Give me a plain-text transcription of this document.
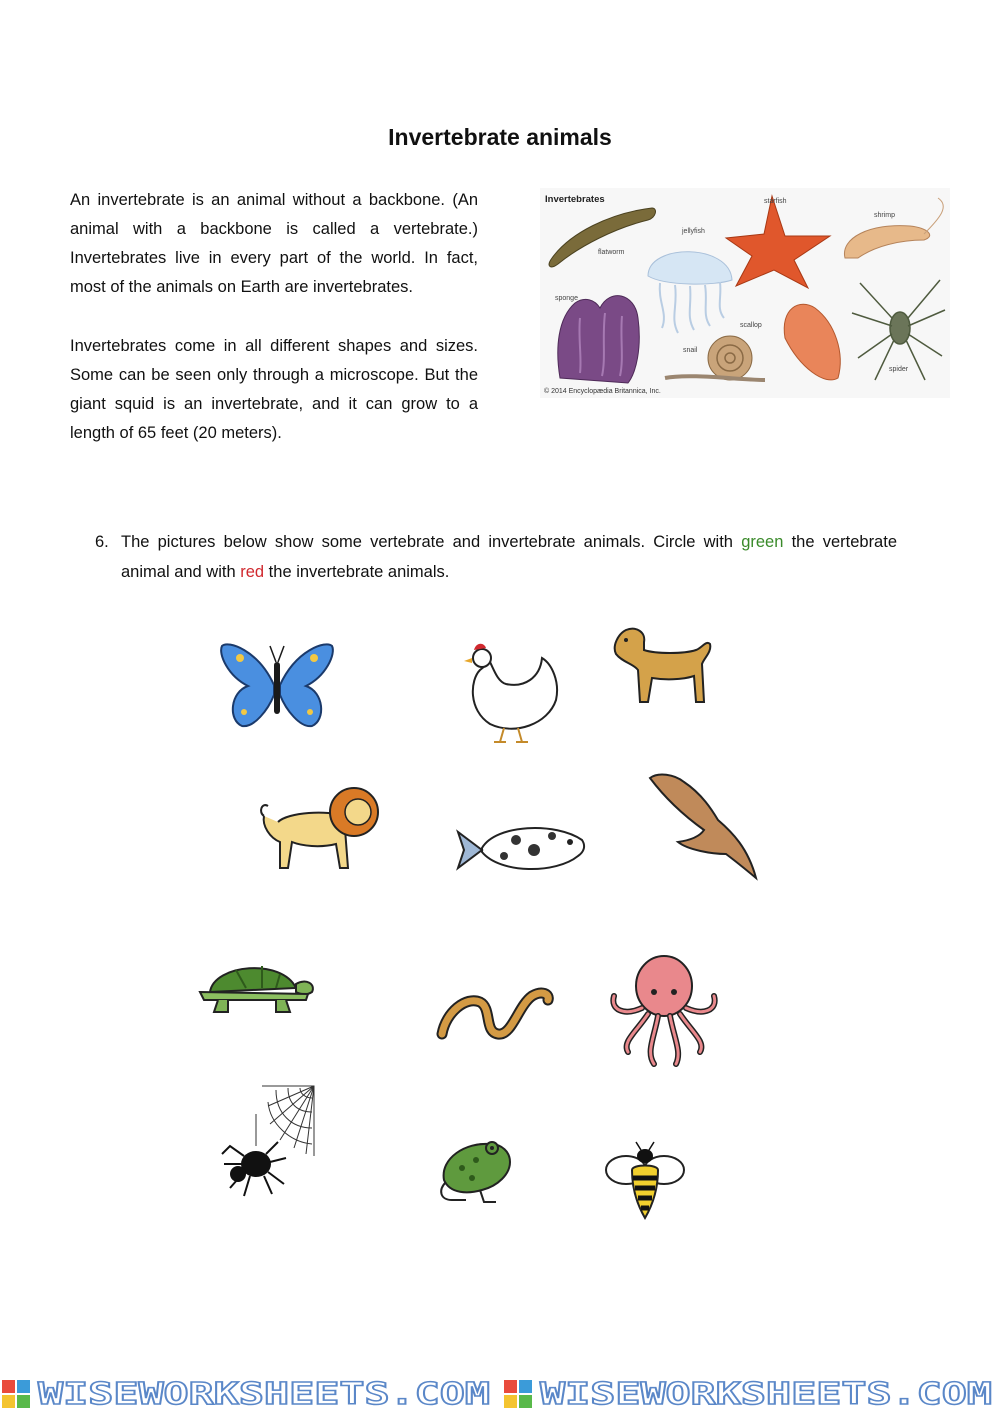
Invertebrate animals

An invertebrate is an animal without a backbone. (An animal with a backbone is called a vertebrate.) Invertebrates live in every part of the world. In fact, most of the animals on Earth are invertebrates.

Invertebrates come in all different shapes and sizes. Some can be seen only through a microscope. But the giant squid is an invertebrate, and it can grow to a length of 65 feet (20 meters).

Invertebrates
flatworm
jellyfish
starfish
shrimp
sponge
snail
scallop
spider
© 2014 Encyclopædia Britannica, Inc.
6. The pictures below show some vertebrate and invertebrate animals. Circle with green the vertebrate animal and with red the invertebrate animals.
WISEWORKSHEETS.COM WISEWORKSHEETS.COM
